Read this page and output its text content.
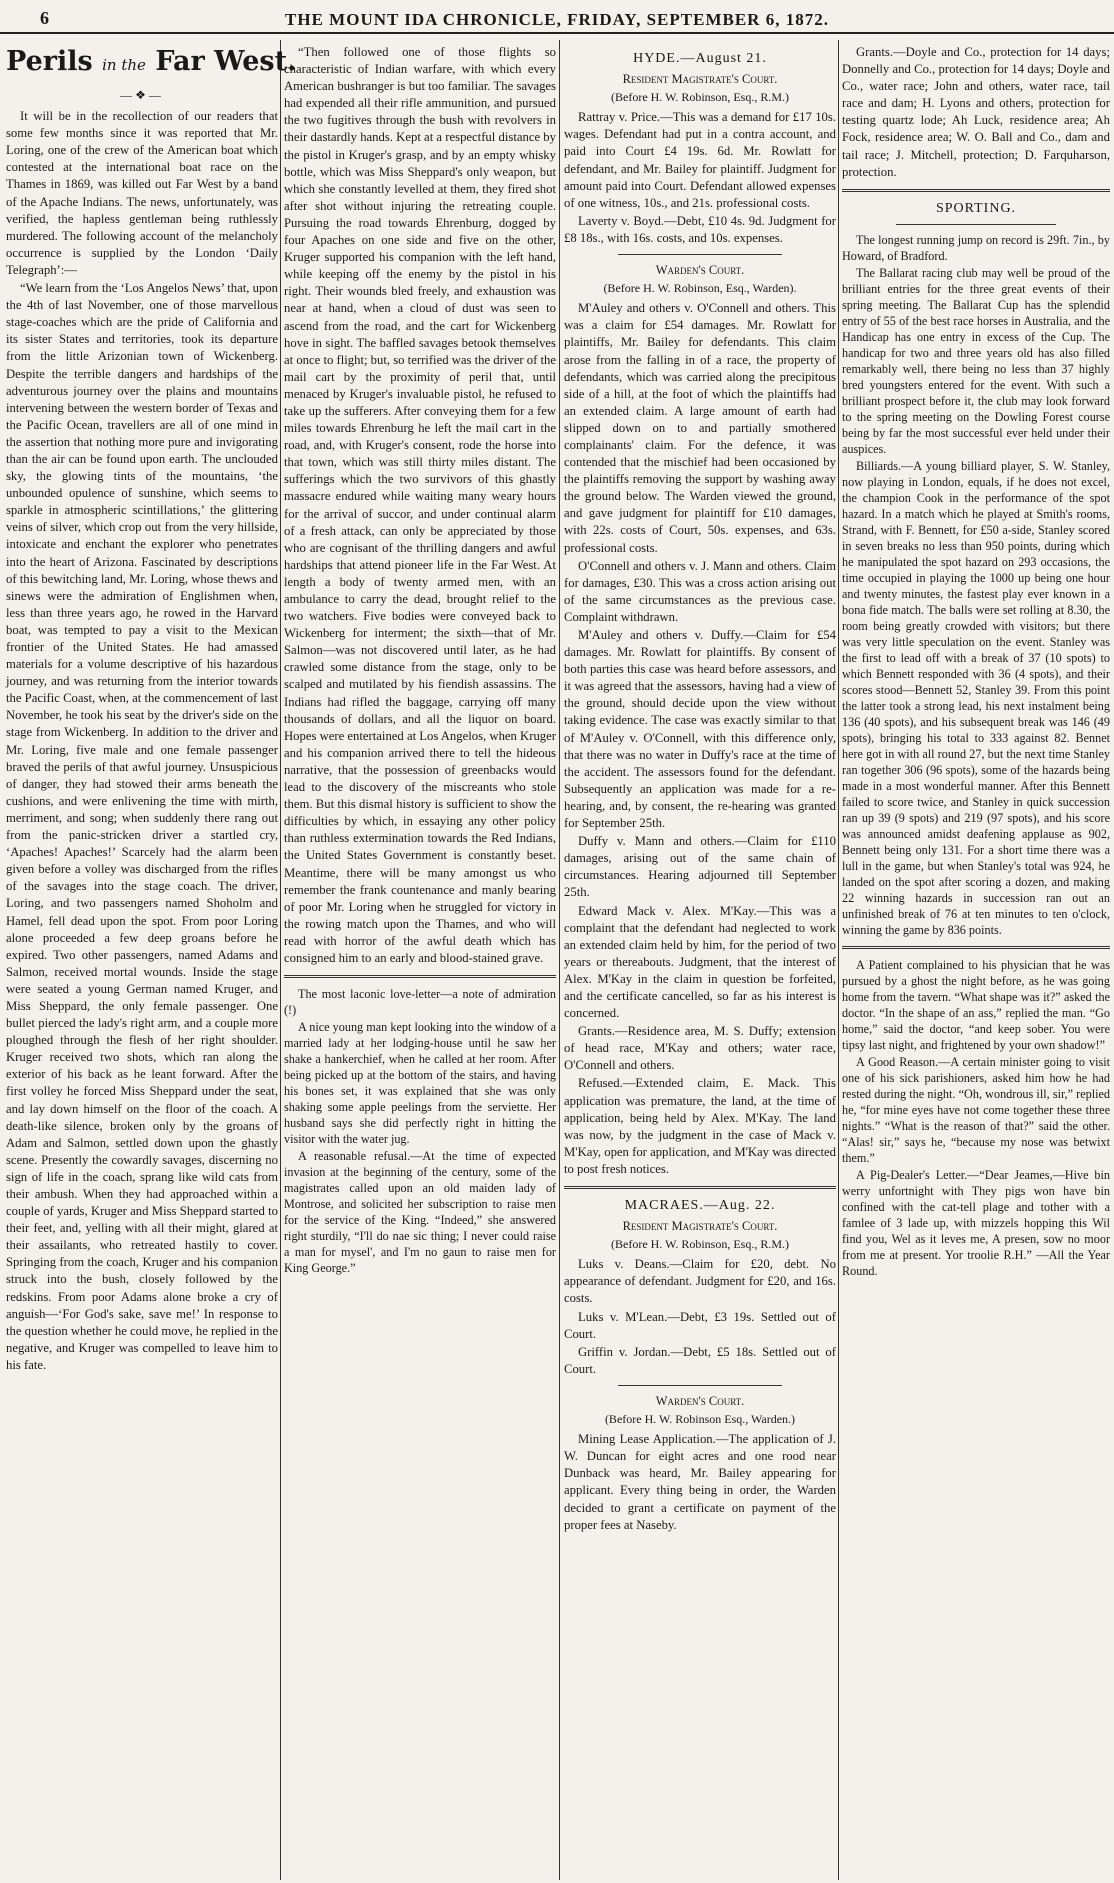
6	THE MOUNT IDA CHRONICLE, FRIDAY, SEPTEMBER 6, 1872.
Perils in the Far West.
—❖—

It will be in the recollection of our readers that some few months since it was reported that Mr. Loring, one of the crew of the American boat which contested at the international boat race on the Thames in 1869, was killed out Far West by a band of the Apache Indians. The news, unfortunately, was verified, the hapless gentleman being ruthlessly murdered. The following account of the melancholy occurrence is supplied by the London ‘Daily Telegraph’:—

“We learn from the ‘Los Angelos News’ that, upon the 4th of last November, one of those marvellous stage-coaches which are the pride of California and its sister States and territories, took its departure from the little Arizonian town of Wickenberg. Despite the terrible dangers and hardships of the adventurous journey over the plains and mountains intervening between the western border of Texas and the Pacific Ocean, travellers are all of one mind in the assertion that nothing more pure and invigorating than the air can be found upon earth. The unclouded sky, the glowing tints of the mountains, ‘the unbounded opulence of sunshine, which seems to sparkle in atmospheric scintillations,’ the glittering veins of silver, which crop out from the very hillside, intoxicate and enchant the explorer who penetrates into the heart of Arizona. Fascinated by descriptions of this bewitching land, Mr. Loring, whose thews and sinews were the admiration of Englishmen when, less than three years ago, he rowed in the Harvard boat, was tempted to pay a visit to the Mexican frontier of the United States. He had amassed materials for a volume descriptive of his hazardous journey, and was returning from the interior towards the Pacific Coast, when, at the commencement of last November, he took his seat by the driver's side on the stage from Wickenberg. In addition to the driver and Mr. Loring, five male and one female passenger braved the perils of that awful journey. Unsuspicious of danger, they had stowed their arms beneath the cushions, and were enlivening the time with mirth, merriment, and song; when suddenly there rang out from the panic-stricken driver a startled cry, ‘Apaches! Apaches!’ Scarcely had the alarm been given before a volley was discharged from the rifles of the savages into the stage coach. The driver, Loring, and two passengers named Shoholm and Hamel, fell dead upon the spot. From poor Loring alone proceeded a few deep groans before he expired. Two other passengers, named Adams and Salmon, received mortal wounds. Inside the stage were seated a young German named Kruger, and Miss Sheppard, the only female passenger. One bullet pierced the lady's right arm, and a couple more ploughed through the flesh of her right shoulder. Kruger received two shots, which ran along the exterior of his back as he leant forward. After the first volley he forced Miss Sheppard under the seat, and lay down himself on the floor of the coach. A death-like silence, broken only by the groans of Adam and Salmon, settled down upon the ghastly scene. Presently the cowardly savages, discerning no sign of life in the coach, sprang like wild cats from their ambush. When they had approached within a couple of yards, Kruger and Miss Sheppard started to their feet, and, yelling with all their might, glared at their assailants, who retreated hastily to cover. Springing from the coach, Kruger and his companion struck into the bush, closely followed by the redskins. From poor Adams alone broke a cry of anguish—‘For God's sake, save me!’ In response to the question whether he could move, he replied in the negative, and Kruger was compelled to leave him to his fate.

“Then followed one of those flights so characteristic of Indian warfare, with which every American bushranger is but too familiar. The savages had expended all their rifle ammunition, and pursued the two fugitives through the bush with revolvers in their dastardly hands. Kept at a respectful distance by the pistol in Kruger's grasp, and by an empty whisky bottle, which was Miss Sheppard's only weapon, but which she constantly levelled at them, they fired shot after shot without injuring the retreating couple. Pursuing the road towards Ehrenburg, dogged by four Apaches on one side and five on the other, Kruger supported his companion with the left hand, while keeping off the enemy by the pistol in his right. Their wounds bled freely, and exhaustion was near at hand, when a cloud of dust was seen to ascend from the road, and the cart for Wickenberg hove in sight. The baffled savages betook themselves at once to flight; but, so terrified was the driver of the mail cart by the proximity of peril that, until menaced by Kruger's invaluable pistol, he refused to take up the sufferers. After conveying them for a few miles towards Ehrenburg he left the mail cart in the road, and, with Kruger's consent, rode the horse into that town, which was still thirty miles distant. The sufferings which the two survivors of this ghastly massacre endured while waiting many weary hours for the arrival of succor, and under continual alarm of a fresh attack, can only be appreciated by those who are cognisant of the thrilling dangers and awful hardships that attend pioneer life in the Far West. At length a body of twenty armed men, with an ambulance to carry the dead, brought relief to the two watchers. Five bodies were conveyed back to Wickenberg for interment; the sixth—that of Mr. Salmon—was not discovered until later, as he had crawled some distance from the stage, only to be scalped and mutilated by his fiendish assassins. The Indians had rifled the baggage, carrying off many thousands of dollars, and all the liquor on board. Hopes were entertained at Los Angelos, when Kruger and his companion arrived there to tell the hideous narrative, that the possession of greenbacks would lead to the discovery of the miscreants who stole them. But this dismal history is sufficient to show the difficulties by which, in essaying any other policy than ruthless extermination towards the Red Indians, the United States Government is constantly beset. Meantime, there will be many amongst us who remember the frank countenance and manly bearing of poor Mr. Loring when he struggled for victory in the rowing match upon the Thames, and who will read with horror of the awful death which has consigned him to an early and blood-stained grave.

The most laconic love-letter—a note of admiration (!)

A nice young man kept looking into the window of a married lady at her lodging-house until he saw her shake a hankerchief, when he called at her room. After being picked up at the bottom of the stairs, and having his bones set, it was explained that she was only shaking some apple peelings from the serviette. Her husband says she did perfectly right in hitting the visitor with the water jug.

A reasonable refusal.—At the time of expected invasion at the beginning of the century, some of the magistrates called upon an old maiden lady of Montrose, and solicited her subscription to raise men for the service of the King. “Indeed,” she answered right sturdily, “I'll do nae sic thing; I never could raise a man for mysel', and I'm no gaun to raise men for King George.”

HYDE.—August 21.
Resident Magistrate's Court.
(Before H. W. Robinson, Esq., R.M.)

Rattray v. Price.—This was a demand for £17 10s. wages. Defendant had put in a contra account, and paid into Court £4 19s. 6d. Mr. Rowlatt for defendant, and Mr. Bailey for plaintiff. Judgment for amount paid into Court. Defendant allowed expenses of one witness, 10s., and 21s. professional costs.

Laverty v. Boyd.—Debt, £10 4s. 9d. Judgment for £8 18s., with 16s. costs, and 10s. expenses.

Warden's Court.
(Before H. W. Robinson, Esq., Warden).

M'Auley and others v. O'Connell and others. This was a claim for £54 damages. Mr. Rowlatt for plaintiffs, Mr. Bailey for defendants. This claim arose from the falling in of a race, the property of defendants, which was carried along the precipitous side of a hill, at the foot of which the plaintiffs had an extended claim. A large amount of earth had slipped down on to and partially smothered complainants' claim. For the defence, it was contended that the mischief had been occasioned by the plaintiffs removing the support by washing away the ground below. The Warden viewed the ground, and gave judgment for plaintiff for £10 damages, with 22s. costs of Court, 50s. expenses, and 63s. professional costs.

O'Connell and others v. J. Mann and others. Claim for damages, £30. This was a cross action arising out of the same circumstances as the previous case. Complaint withdrawn.

M'Auley and others v. Duffy.—Claim for £54 damages. Mr. Rowlatt for plaintiffs. By consent of both parties this case was heard before assessors, and it was agreed that the assessors, having had a view of the ground, should decide upon the view without taking evidence. The case was exactly similar to that of M'Auley v. O'Connell, with this difference only, that there was no water in Duffy's race at the time of the accident. The assessors found for the defendant. Subsequently an application was made for a re-hearing, and, by consent, the re-hearing was granted for September 25th.

Duffy v. Mann and others.—Claim for £110 damages, arising out of the same chain of circumstances. Hearing adjourned till September 25th.

Edward Mack v. Alex. M'Kay.—This was a complaint that the defendant had neglected to work an extended claim held by him, for the period of two years or thereabouts. Judgment, that the interest of Alex. M'Kay in the claim in question be forfeited, and the certificate cancelled, so far as his interest is concerned.

Grants.—Residence area, M. S. Duffy; extension of head race, M'Kay and others; water race, O'Connell and others.

Refused.—Extended claim, E. Mack. This application was premature, the land, at the time of application, being held by Alex. M'Kay. The land was now, by the judgment in the case of Mack v. M'Kay, open for application, and M'Kay was directed to post fresh notices.

MACRAES.—Aug. 22.
Resident Magistrate's Court.
(Before H. W. Robinson, Esq., R.M.)

Luks v. Deans.—Claim for £20, debt. No appearance of defendant. Judgment for £20, and 16s. costs.

Luks v. M'Lean.—Debt, £3 19s. Settled out of Court.

Griffin v. Jordan.—Debt, £5 18s. Settled out of Court.

Warden's Court.
(Before H. W. Robinson Esq., Warden.)

Mining Lease Application.—The application of J. W. Duncan for eight acres and one rood near Dunback was heard, Mr. Bailey appearing for applicant. Every thing being in order, the Warden decided to grant a certificate on payment of the proper fees at Naseby.

Grants.—Doyle and Co., protection for 14 days; Donnelly and Co., protection for 14 days; Doyle and Co., water race; John and others, water race, tail race and dam; H. Lyons and others, protection for testing quartz lode; Ah Luck, residence area; Ah Fock, residence area; W. O. Ball and Co., dam and tail race; J. Mitchell, protection; D. Farquharson, protection.

SPORTING.

The longest running jump on record is 29ft. 7in., by Howard, of Bradford.

The Ballarat racing club may well be proud of the brilliant entries for the three great events of their spring meeting. The Ballarat Cup has the splendid entry of 55 of the best race horses in Australia, and the Handicap has one entry in excess of the Cup. The handicap for two and three years old has also filled remarkably well, there being no less than 37 highly bred youngsters entered for the event. With such a brilliant prospect before it, the club may look forward to the spring meeting on the Dowling Forest course being by far the most successful ever held under their auspices.

Billiards.—A young billiard player, S. W. Stanley, now playing in London, equals, if he does not excel, the champion Cook in the performance of the spot hazard. In a match which he played at Smith's rooms, Strand, with F. Bennett, for £50 a-side, Stanley scored in seven breaks no less than 950 points, during which he manipulated the spot hazard on 293 occasions, the time occupied in playing the 1000 up being one hour and twenty minutes, the fastest play ever known in a bona fide match. The balls were set rolling at 8.30, the room being greatly crowded with visitors; but there was very little speculation on the event. Stanley was the first to lead off with a break of 37 (10 spots) to which Bennett responded with 36 (4 spots), and their scores stood—Bennett 52, Stanley 39. From this point the latter took a strong lead, his next instalment being 136 (40 spots), and his subsequent break was 146 (49 spots), bringing his total to 333 against 82. Bennet here got in with all round 27, but the next time Stanley ran together 306 (96 spots), some of the hazards being made in a most wonderful manner. After this Bennett failed to score twice, and Stanley in quick succession ran up 39 (9 spots) and 219 (97 spots), and his score was announced amidst deafening applause as 902, Bennett being only 131. For a short time there was a lull in the game, but when Stanley's total was 924, he landed on the spot after scoring a dozen, and making 22 winning hazards in succession ran out an unfinished break of 76 at ten minutes to ten o'clock, winning the game by 836 points.

A Patient complained to his physician that he was pursued by a ghost the night before, as he was going home from the tavern. “What shape was it?” asked the doctor. “In the shape of an ass,” replied the man. “Go home,” said the doctor, “and keep sober. You were tipsy last night, and frightened by your own shadow!”

A Good Reason.—A certain minister going to visit one of his sick parishioners, asked him how he had rested during the night. “Oh, wondrous ill, sir,” replied he, “for mine eyes have not come together these three nights.” “What is the reason of that?” said the other. “Alas! sir,” says he, “because my nose was betwixt them.”

A Pig-Dealer's Letter.—“Dear Jeames,—Hive bin werry unfortnight with They pigs won have bin confined with the cat-tell plage and tother with a famlee of 3 lade up, with mizzels hopping this Wil find you, Wel as it leves me, A presen, sow no moor from me at present. Yor troolie R.H.” —All the Year Round.
